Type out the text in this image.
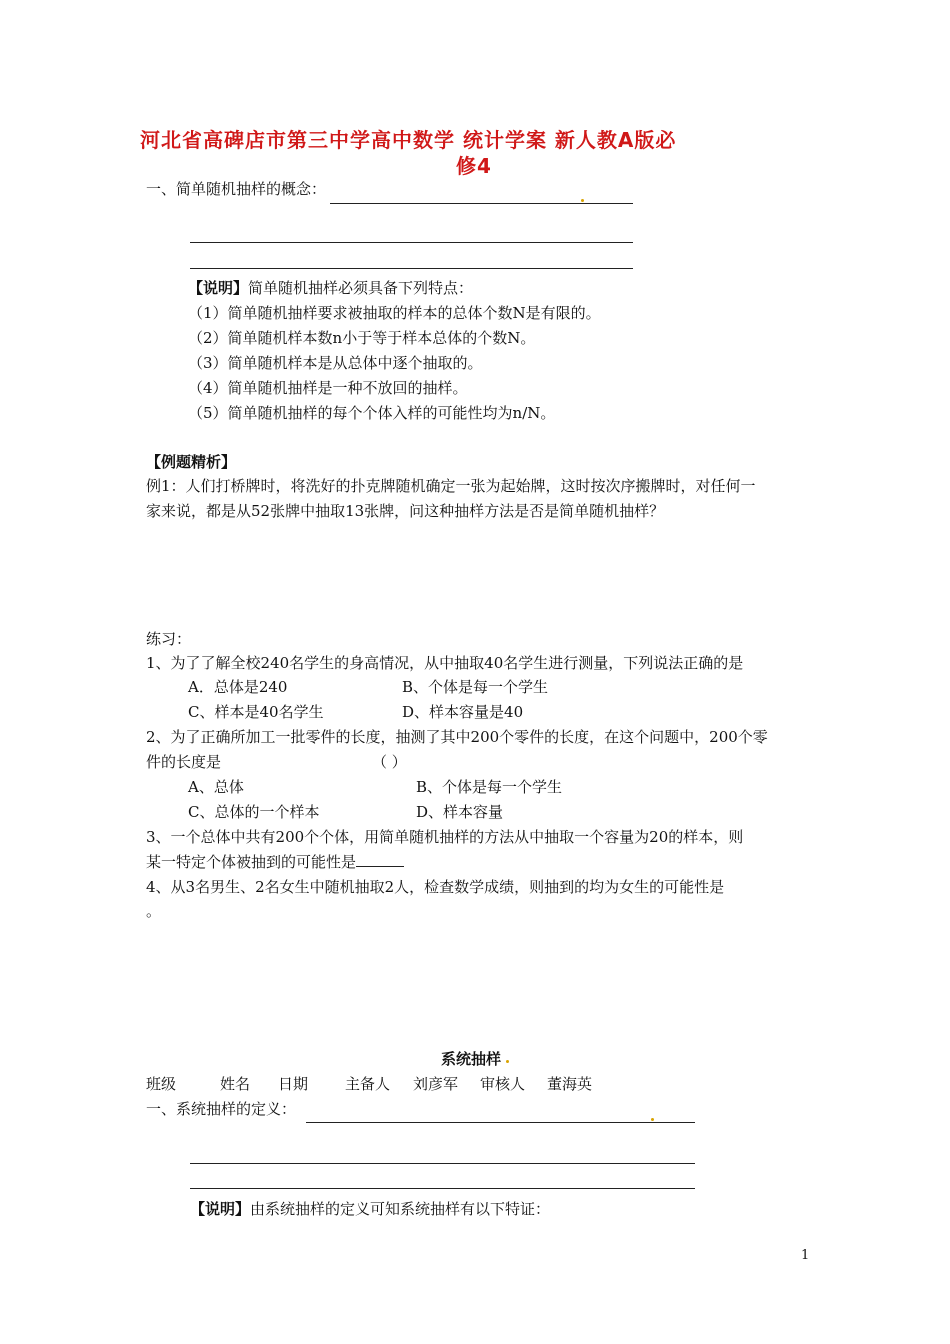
河北省高碑店市第三中学高中数学 统计学案 新人教A版必
修4
一、简单随机抽样的概念：
【说明】简单随机抽样必须具备下列特点：
（1）简单随机抽样要求被抽取的样本的总体个数N是有限的。
（2）简单随机样本数n小于等于样本总体的个数N。
（3）简单随机样本是从总体中逐个抽取的。
（4）简单随机抽样是一种不放回的抽样。
（5）简单随机抽样的每个个体入样的可能性均为n/N。
【例题精析】
例1：人们打桥牌时，将洗好的扑克牌随机确定一张为起始牌，这时按次序搬牌时，对任何一
家来说，都是从52张牌中抽取13张牌，问这种抽样方法是否是简单随机抽样？
练习：
1、为了了解全校240名学生的身高情况，从中抽取40名学生进行测量，下列说法正确的是
A．总体是240	B、个体是每一个学生
C、样本是40名学生	D、样本容量是40
2、为了正确所加工一批零件的长度，抽测了其中200个零件的长度，在这个问题中，200个零
件的长度是	（ ）
A、总体	B、个体是每一个学生
C、总体的一个样本	D、样本容量
3、一个总体中共有200个个体，用简单随机抽样的方法从中抽取一个容量为20的样本，则
某一特定个体被抽到的可能性是
4、从3名男生、2名女生中随机抽取2人，检查数学成绩，则抽到的均为女生的可能性是
。
系统抽样
班级	姓名 日期 主备人 刘彦军 审核人 董海英
一、系统抽样的定义：
【说明】由系统抽样的定义可知系统抽样有以下特证：
1
